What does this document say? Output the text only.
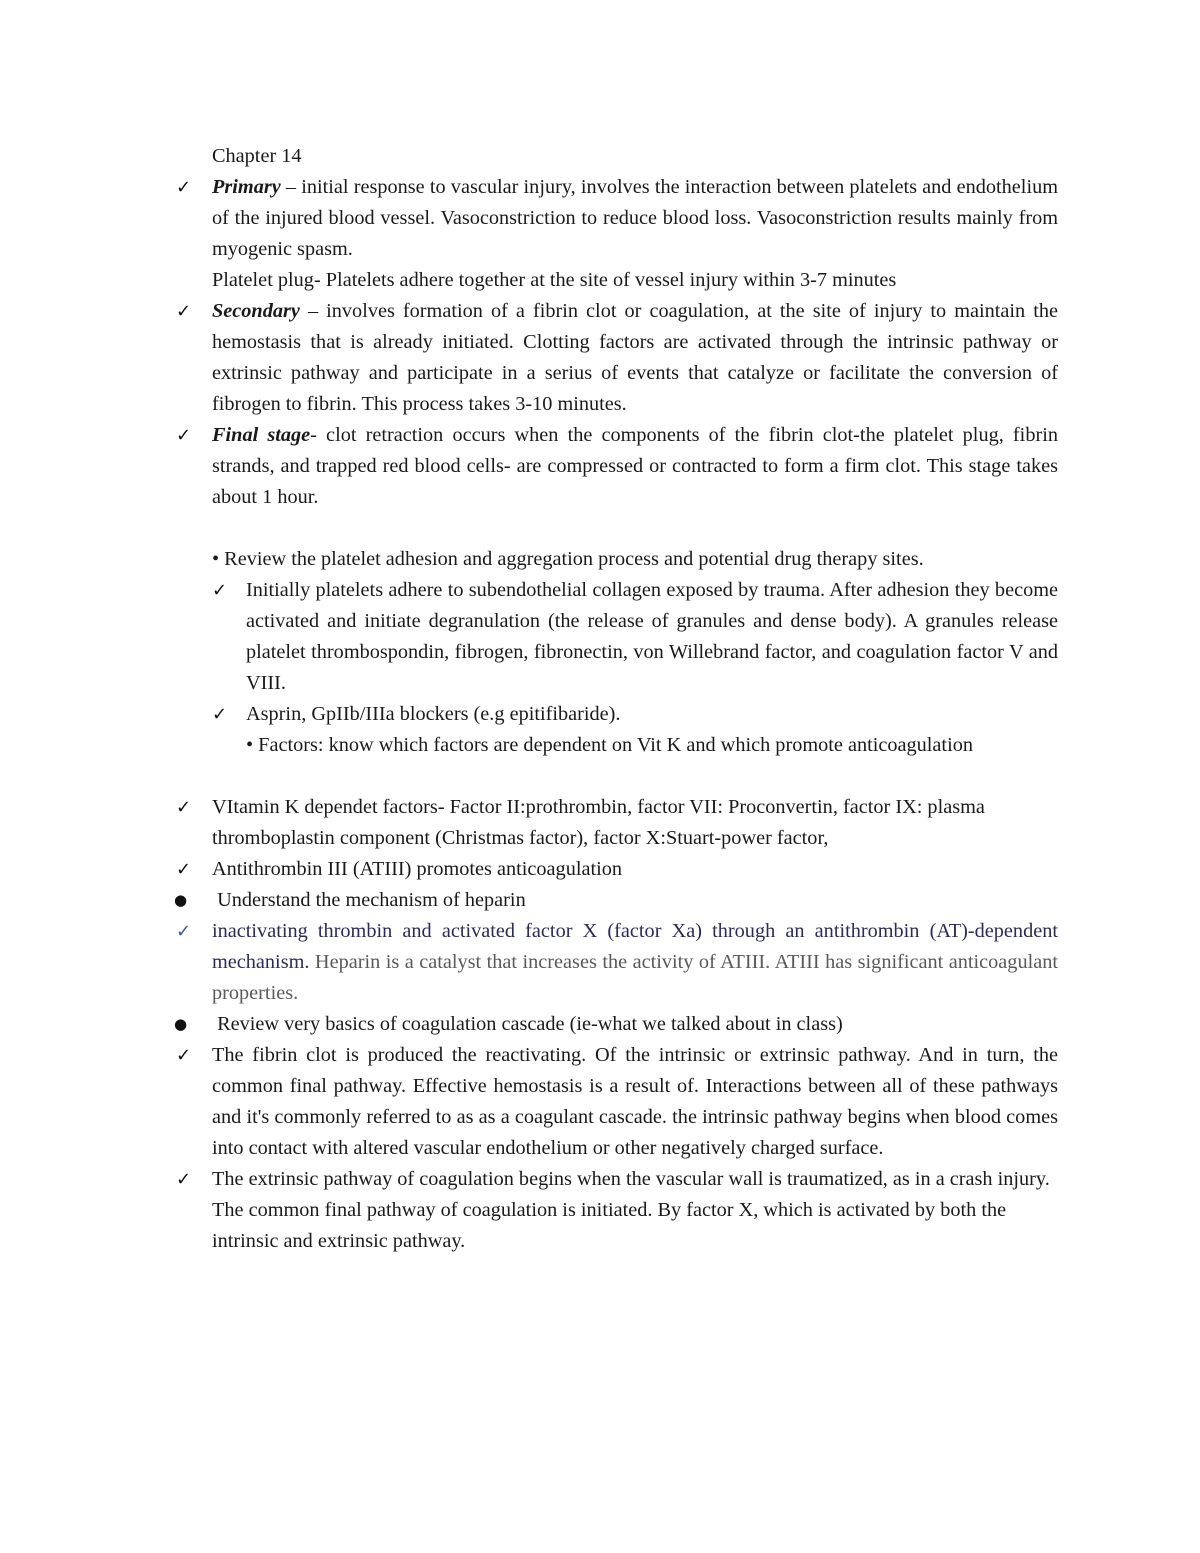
Chapter 14

✓ Primary – initial response to vascular injury, involves the interaction between platelets and endothelium of the injured blood vessel. Vasoconstriction to reduce blood loss. Vasoconstriction results mainly from myogenic spasm.

Platelet plug- Platelets adhere together at the site of vessel injury within 3-7 minutes

✓ Secondary – involves formation of a fibrin clot or coagulation, at the site of injury to maintain the hemostasis that is already initiated. Clotting factors are activated through the intrinsic pathway or extrinsic pathway and participate in a serius of events that catalyze or facilitate the conversion of fibrogen to fibrin. This process takes 3-10 minutes.

✓ Final stage- clot retraction occurs when the components of the fibrin clot-the platelet plug, fibrin strands, and trapped red blood cells- are compressed or contracted to form a firm clot. This stage takes about 1 hour.

• Review the platelet adhesion and aggregation process and potential drug therapy sites.

✓ Initially platelets adhere to subendothelial collagen exposed by trauma. After adhesion they become activated and initiate degranulation (the release of granules and dense body). A granules release platelet thrombospondin, fibrogen, fibronectin, von Willebrand factor, and coagulation factor V and VIII.

✓ Asprin, GpIIb/IIIa blockers (e.g epitifibaride).

• Factors: know which factors are dependent on Vit K and which promote anticoagulation

✓ VItamin K dependet factors- Factor II:prothrombin, factor VII: Proconvertin, factor IX: plasma thromboplastin component (Christmas factor), factor X:Stuart-power factor,

✓ Antithrombin III (ATIII) promotes anticoagulation

● Understand the mechanism of heparin

✓ inactivating thrombin and activated factor X (factor Xa) through an antithrombin (AT)-dependent mechanism. Heparin is a catalyst that increases the activity of ATIII. ATIII has significant anticoagulant properties.

● Review very basics of coagulation cascade (ie-what we talked about in class)

✓ The fibrin clot is produced the reactivating. Of the intrinsic or extrinsic pathway. And in turn, the common final pathway. Effective hemostasis is a result of. Interactions between all of these pathways and it's commonly referred to as as a coagulant cascade. the intrinsic pathway begins when blood comes into contact with altered vascular endothelium or other negatively charged surface.

✓ The extrinsic pathway of coagulation begins when the vascular wall is traumatized, as in a crash injury. The common final pathway of coagulation is initiated. By factor X, which is activated by both the intrinsic and extrinsic pathway.
